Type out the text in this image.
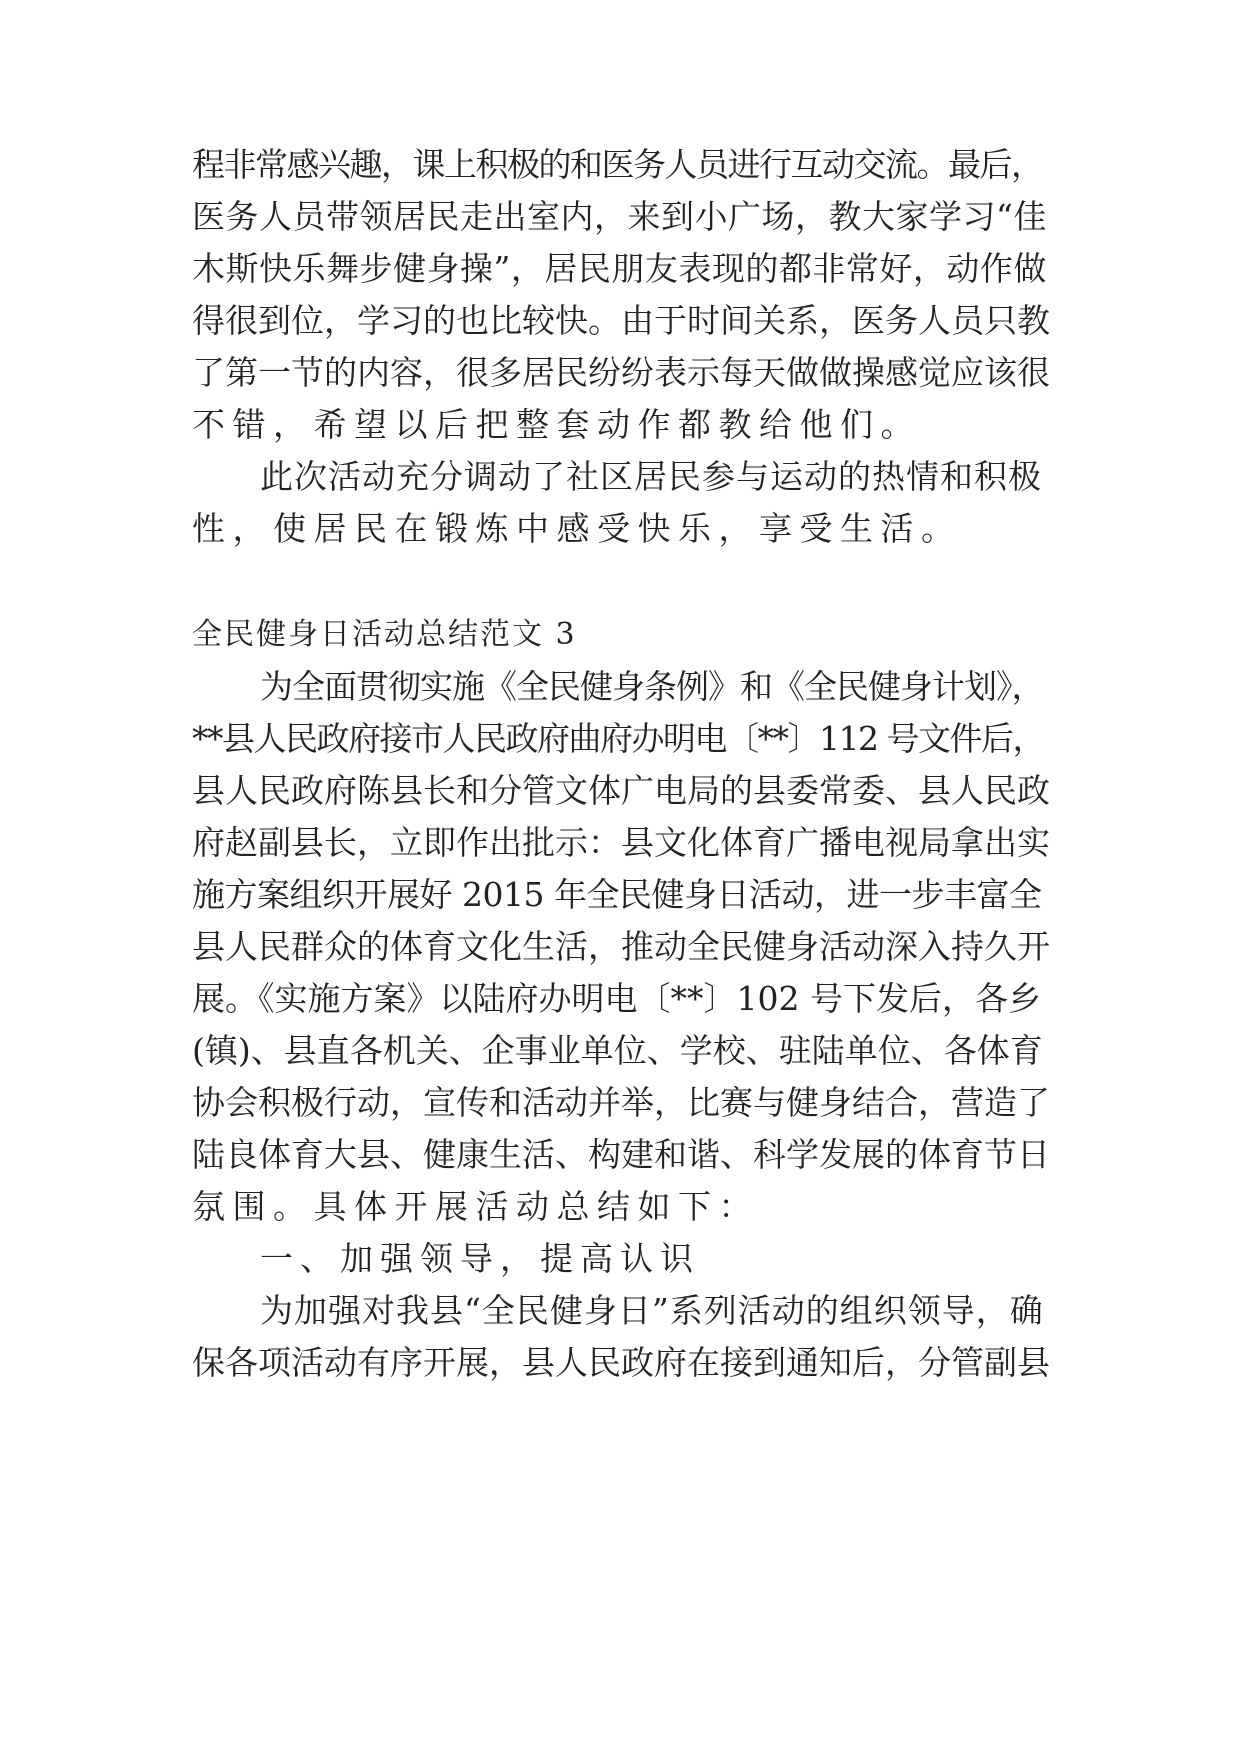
程非常感兴趣，课上积极的和医务人员进行互动交流。最后，
医务人员带领居民走出室内，来到小广场，教大家学习“佳
木斯快乐舞步健身操”，居民朋友表现的都非常好，动作做
得很到位，学习的也比较快。由于时间关系，医务人员只教
了第一节的内容，很多居民纷纷表示每天做做操感觉应该很
不错，希望以后把整套动作都教给他们。
此次活动充分调动了社区居民参与运动的热情和积极
性，使居民在锻炼中感受快乐，享受生活。
全民健身日活动总结范文 3
为全面贯彻实施《全民健身条例》和《全民健身计划》，
**县人民政府接市人民政府曲府办明电〔**〕112 号文件后，
县人民政府陈县长和分管文体广电局的县委常委、县人民政
府赵副县长，立即作出批示：县文化体育广播电视局拿出实
施方案组织开展好 2015 年全民健身日活动，进一步丰富全
县人民群众的体育文化生活，推动全民健身活动深入持久开
展。《实施方案》以陆府办明电〔**〕102 号下发后，各乡
(镇)、县直各机关、企事业单位、学校、驻陆单位、各体育
协会积极行动，宣传和活动并举，比赛与健身结合，营造了
陆良体育大县、健康生活、构建和谐、科学发展的体育节日
氛围。具体开展活动总结如下：
一、加强领导，提高认识
为加强对我县“全民健身日”系列活动的组织领导，确
保各项活动有序开展，县人民政府在接到通知后，分管副县
